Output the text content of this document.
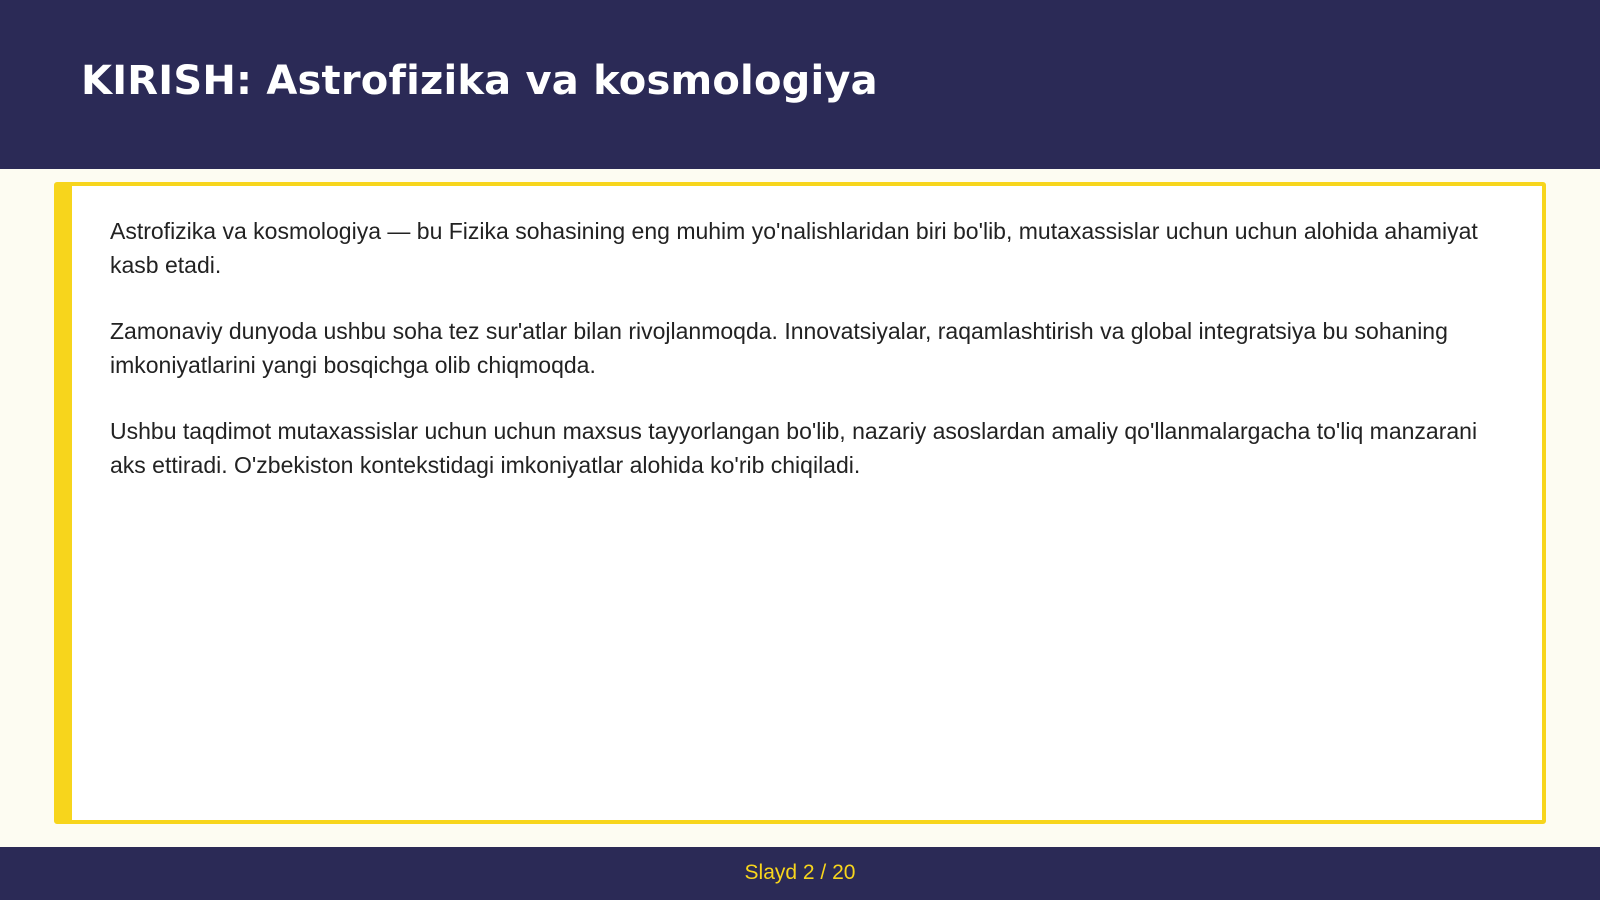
KIRISH: Astrofizika va kosmologiya

Astrofizika va kosmologiya — bu Fizika sohasining eng muhim yo'nalishlaridan biri bo'lib, mutaxassislar uchun uchun alohida ahamiyat kasb etadi.

Zamonaviy dunyoda ushbu soha tez sur'atlar bilan rivojlanmoqda. Innovatsiyalar, raqamlashtirish va global integratsiya bu sohaning imkoniyatlarini yangi bosqichga olib chiqmoqda.

Ushbu taqdimot mutaxassislar uchun uchun maxsus tayyorlangan bo'lib, nazariy asoslardan amaliy qo'llanmalargacha to'liq manzarani aks ettiradi. O'zbekiston kontekstidagi imkoniyatlar alohida ko'rib chiqiladi.

Slayd 2 / 20
